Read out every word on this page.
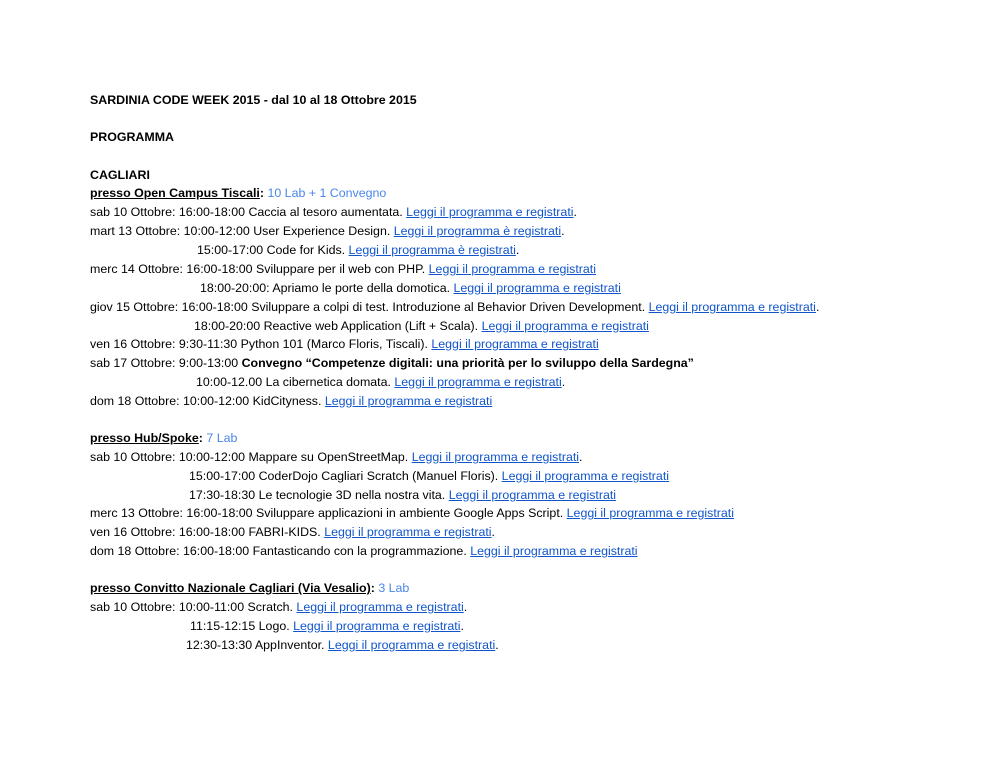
SARDINIA CODE WEEK 2015 - dal 10 al 18 Ottobre 2015
PROGRAMMA
CAGLIARI
presso Open Campus Tiscali: 10 Lab + 1 Convegno
sab 10 Ottobre: 16:00-18:00 Caccia al tesoro aumentata. Leggi il programma e registrati.
mart 13 Ottobre: 10:00-12:00 User Experience Design. Leggi il programma è registrati.
15:00-17:00 Code for Kids. Leggi il programma è registrati.
merc 14 Ottobre: 16:00-18:00 Sviluppare per il web con PHP. Leggi il programma e registrati
18:00-20:00: Apriamo le porte della domotica. Leggi il programma e registrati
giov 15 Ottobre: 16:00-18:00 Sviluppare a colpi di test. Introduzione al Behavior Driven Development. Leggi il programma e registrati.
18:00-20:00 Reactive web Application (Lift + Scala). Leggi il programma e registrati
ven 16 Ottobre: 9:30-11:30 Python 101 (Marco Floris, Tiscali). Leggi il programma e registrati
sab 17 Ottobre: 9:00-13:00 Convegno “Competenze digitali: una priorità per lo sviluppo della Sardegna”
10:00-12.00 La cibernetica domata. Leggi il programma e registrati.
dom 18 Ottobre: 10:00-12:00 KidCityness. Leggi il programma e registrati
presso Hub/Spoke: 7 Lab
sab 10 Ottobre: 10:00-12:00 Mappare su OpenStreetMap. Leggi il programma e registrati.
15:00-17:00 CoderDojo Cagliari Scratch (Manuel Floris). Leggi il programma e registrati
17:30-18:30 Le tecnologie 3D nella nostra vita. Leggi il programma e registrati
merc 13 Ottobre: 16:00-18:00 Sviluppare applicazioni in ambiente Google Apps Script. Leggi il programma e registrati
ven 16 Ottobre: 16:00-18:00 FABRI-KIDS. Leggi il programma e registrati.
dom 18 Ottobre: 16:00-18:00 Fantasticando con la programmazione. Leggi il programma e registrati
presso Convitto Nazionale Cagliari (Via Vesalio): 3 Lab
sab 10 Ottobre: 10:00-11:00 Scratch. Leggi il programma e registrati.
11:15-12:15 Logo. Leggi il programma e registrati.
12:30-13:30 AppInventor. Leggi il programma e registrati.
